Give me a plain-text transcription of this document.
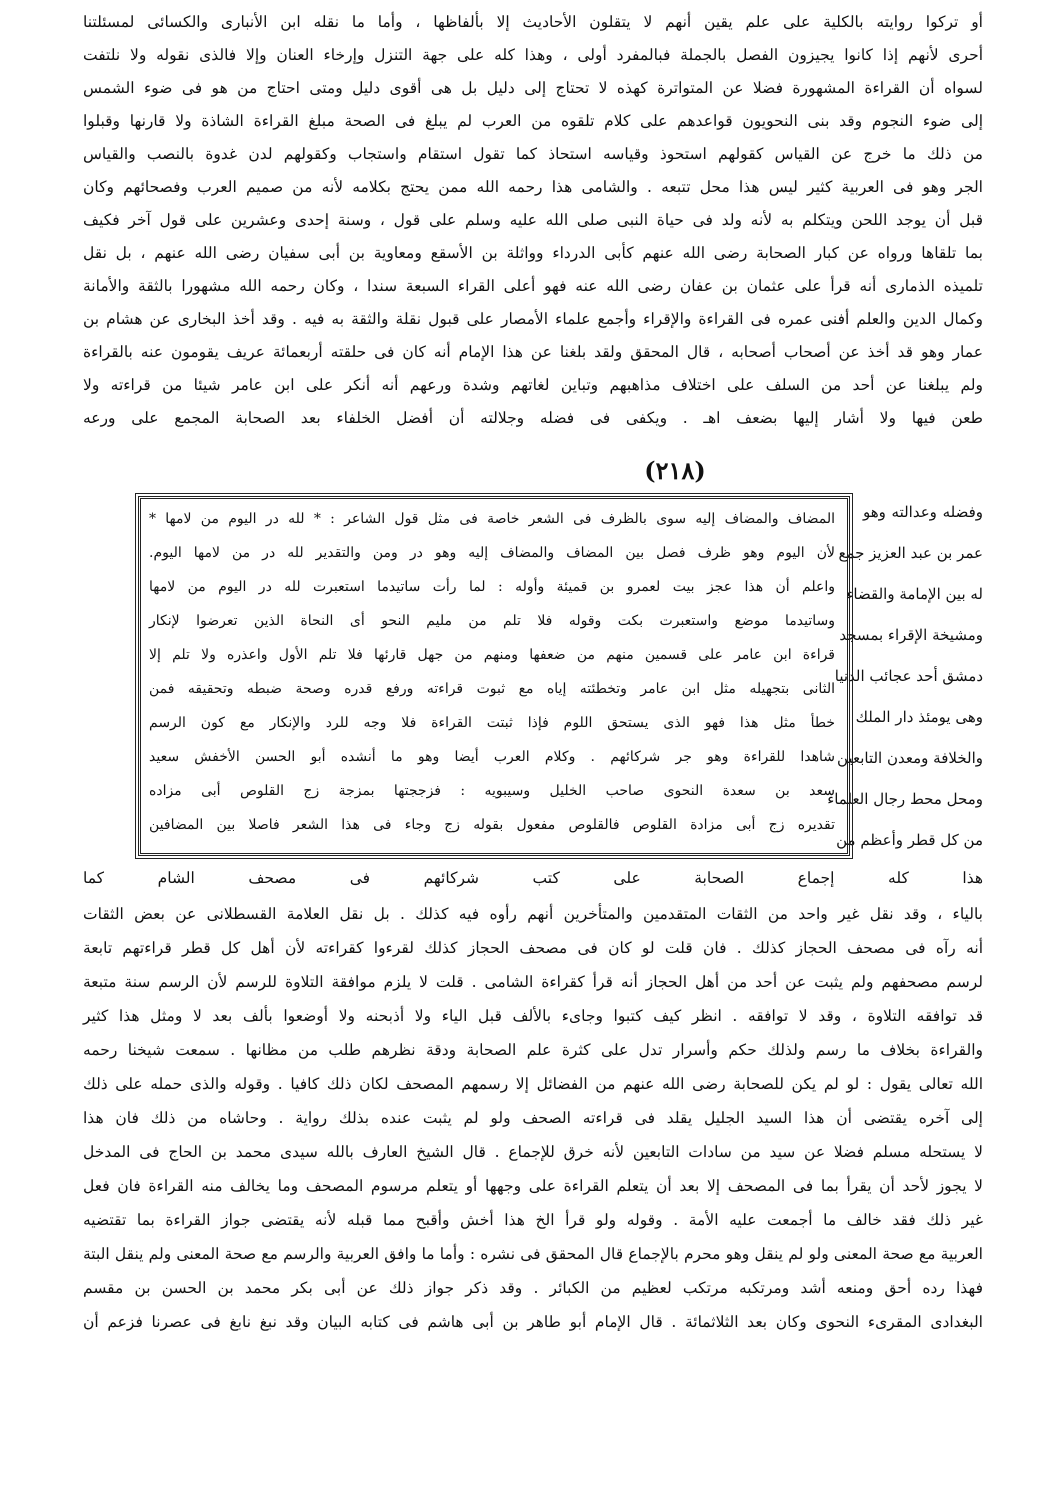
أو تركوا روايته بالكلية على علم يقين أنهم لا يتقلون الأحاديث إلا بألفاظها ، وأما ما نقله ابن الأنبارى والكسائى لمسئلتنا
أحرى لأنهم إذا كانوا يجيزون الفصل بالجملة فبالمفرد أولى ، وهذا كله على جهة التنزل وإرخاء العنان وإلا فالذى نقوله ولا نلتفت
لسواه أن القراءة المشهورة فضلا عن المتواترة كهذه لا تحتاج إلى دليل بل هى أقوى دليل ومتى احتاج من هو فى ضوء الشمس
إلى ضوء النجوم وقد بنى النحويون قواعدهم على كلام تلقوه من العرب لم يبلغ فى الصحة مبلغ القراءة الشاذة ولا قارنها وقبلوا
من ذلك ما خرج عن القياس كقولهم استحوذ وقياسه استحاذ كما تقول استقام واستجاب وكقولهم لدن غدوة بالنصب والقياس
الجر وهو فى العربية كثير ليس هذا محل تتبعه . والشامى هذا رحمه الله ممن يحتج بكلامه لأنه من صميم العرب وفصحائهم وكان
قبل أن يوجد اللحن ويتكلم به لأنه ولد فى حياة النبى صلى الله عليه وسلم على قول ، وسنة إحدى وعشرين على قول آخر فكيف
بما تلقاها ورواه عن كبار الصحابة رضى الله عنهم كأبى الدرداء وواثلة بن الأسقع ومعاوية بن أبى سفيان رضى الله عنهم ، بل نقل
تلميذه الذمارى أنه قرأ على عثمان بن عفان رضى الله عنه فهو أعلى القراء السبعة سندا ، وكان رحمه الله مشهورا بالثقة والأمانة
وكمال الدين والعلم أفنى عمره فى القراءة والإقراء وأجمع علماء الأمصار على قبول نقلة والثقة به فيه . وقد أخذ البخارى عن هشام بن
عمار وهو قد أخذ عن أصحاب أصحابه ، قال المحقق ولقد بلغنا عن هذا الإمام أنه كان فى حلقته أربعمائة عريف يقومون عنه بالقراءة
ولم يبلغنا عن أحد من السلف على اختلاف مذاهبهم وتباين لغاتهم وشدة ورعهم أنه أنكر على ابن عامر شيئا من قراءته ولا
طعن فيها ولا أشار إليها بضعف اهـ . ويكفى فى فضله وجلالته أن أفضل الخلفاء بعد الصحابة المجمع على ورعه
(٢١٨)
وفضله وعدالته وهو
عمر بن عبد العزيز جمع
له بين الإمامة والقضاء
ومشيخة الإقراء بمسجد
دمشق أحد عجائب الدنيا
وهى يومئذ دار الملك
والخلافة ومعدن التابعين
ومحل محط رجال العلماء
من كل قطر وأعظم من
المضاف والمضاف إليه سوى بالظرف فى الشعر خاصة فى مثل قول الشاعر : * لله در اليوم من لامها *
لأن اليوم وهو ظرف فصل بين المضاف والمضاف إليه وهو در ومن والتقدير لله در من لامها اليوم.
واعلم أن هذا عجز بيت لعمرو بن قميئة وأوله : لما رأت ساتيدما استعبرت لله در اليوم من لامها
وساتيدما موضع واستعبرت بكت وقوله فلا تلم من مليم النحو أى النحاة الذين تعرضوا لإنكار
قراءة ابن عامر على قسمين منهم من ضعفها ومنهم من جهل قارئها فلا تلم الأول واعذره ولا تلم إلا
الثانى بتجهيله مثل ابن عامر وتخطئته إياه مع ثبوت قراءته ورفع قدره وصحة ضبطه وتحقيقه فمن
خطأ مثل هذا فهو الذى يستحق اللوم فإذا ثبتت القراءة فلا وجه للرد والإنكار مع كون الرسم
شاهدا للقراءة وهو جر شركائهم . وكلام العرب أيضا وهو ما أنشده أبو الحسن الأخفش سعيد
سعد بن سعدة النحوى صاحب الخليل وسيبويه : فزججتها بمزجة زج القلوص أبى مزاده
تقديره زج أبى مزادة القلوص فالقلوص مفعول بقوله زج وجاء فى هذا الشعر فاصلا بين المضافين
هذا كله إجماع الصحابة على كتب شركائهم فى مصحف الشام كما
بالياء ، وقد نقل غير واحد من الثقات المتقدمين والمتأخرين أنهم رأوه فيه كذلك . بل نقل العلامة القسطلانى عن بعض الثقات
أنه رآه فى مصحف الحجاز كذلك . فان قلت لو كان فى مصحف الحجاز كذلك لقرءوا كقراءته لأن أهل كل قطر قراءتهم تابعة
لرسم مصحفهم ولم يثبت عن أحد من أهل الحجاز أنه قرأ كقراءة الشامى . قلت لا يلزم موافقة التلاوة للرسم لأن الرسم سنة متبعة
قد توافقه التلاوة ، وقد لا توافقه . انظر كيف كتبوا وجاىء بالألف قبل الياء ولا أذبحنه ولا أوضعوا بألف بعد لا ومثل هذا كثير
والقراءة بخلاف ما رسم ولذلك حكم وأسرار تدل على كثرة علم الصحابة ودقة نظرهم طلب من مظانها . سمعت شيخنا رحمه
الله تعالى يقول : لو لم يكن للصحابة رضى الله عنهم من الفضائل إلا رسمهم المصحف لكان ذلك كافيا . وقوله والذى حمله على ذلك
إلى آخره يقتضى أن هذا السيد الجليل يقلد فى قراءته الصحف ولو لم يثبت عنده بذلك رواية . وحاشاه من ذلك فان هذا
لا يستحله مسلم فضلا عن سيد من سادات التابعين لأنه خرق للإجماع . قال الشيخ العارف بالله سيدى محمد بن الحاج فى المدخل
لا يجوز لأحد أن يقرأ بما فى المصحف إلا بعد أن يتعلم القراءة على وجهها أو يتعلم مرسوم المصحف وما يخالف منه القراءة فان فعل
غير ذلك فقد خالف ما أجمعت عليه الأمة . وقوله ولو قرأ الخ هذا أخش وأقبح مما قبله لأنه يقتضى جواز القراءة بما تقتضيه
العربية مع صحة المعنى ولو لم ينقل وهو محرم بالإجماع قال المحقق فى نشره : وأما ما وافق العربية والرسم مع صحة المعنى ولم ينقل البتة
فهذا رده أحق ومنعه أشد ومرتكبه مرتكب لعظيم من الكبائر . وقد ذكر جواز ذلك عن أبى بكر محمد بن الحسن بن مقسم
البغدادى المقرىء النحوى وكان بعد الثلاثمائة . قال الإمام أبو طاهر بن أبى هاشم فى كتابه البيان وقد نبغ نابغ فى عصرنا فزعم أن
